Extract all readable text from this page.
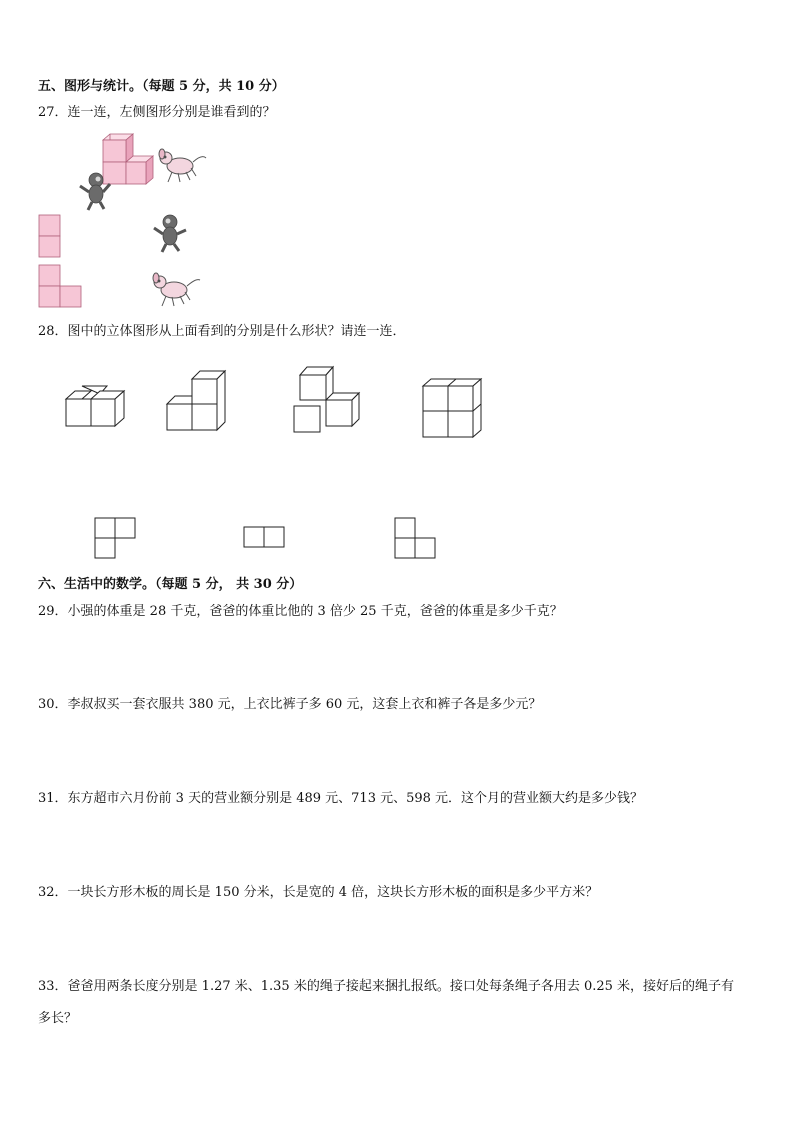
五、图形与统计。（每题 5 分，共 10 分）
27．连一连，左侧图形分别是谁看到的？
28．图中的立体图形从上面看到的分别是什么形状？请连一连．
六、生活中的数学。（每题 5 分， 共 30 分）
29．小强的体重是 28 千克，爸爸的体重比他的 3 倍少 25 千克，爸爸的体重是多少千克？
30．李叔叔买一套衣服共 380 元，上衣比裤子多 60 元，这套上衣和裤子各是多少元？
31．东方超市六月份前 3 天的营业额分别是 489 元、713 元、598 元．这个月的营业额大约是多少钱？
32．一块长方形木板的周长是 150 分米，长是宽的 4 倍，这块长方形木板的面积是多少平方米？
33．爸爸用两条长度分别是 1.27 米、1.35 米的绳子接起来捆扎报纸。接口处每条绳子各用去 0.25 米，接好后的绳子有
多长？
